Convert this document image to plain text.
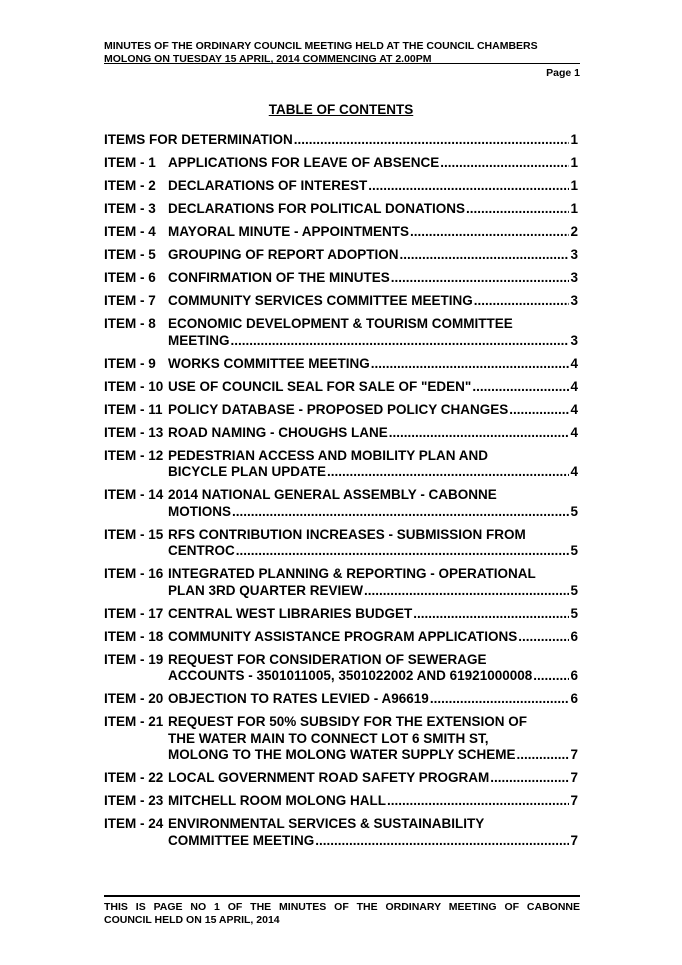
MINUTES OF THE ORDINARY COUNCIL MEETING HELD AT THE COUNCIL CHAMBERS
MOLONG ON TUESDAY 15 APRIL, 2014 COMMENCING AT 2.00PM
Page 1
TABLE OF CONTENTS
ITEMS FOR DETERMINATION .....	1
ITEM - 1 APPLICATIONS FOR LEAVE OF ABSENCE .....	1
ITEM - 2 DECLARATIONS OF INTEREST .....	1
ITEM - 3 DECLARATIONS FOR POLITICAL DONATIONS .....	1
ITEM - 4 MAYORAL MINUTE - APPOINTMENTS .....	2
ITEM - 5 GROUPING OF REPORT ADOPTION .....	3
ITEM - 6 CONFIRMATION OF THE MINUTES .....	3
ITEM - 7 COMMUNITY SERVICES COMMITTEE MEETING .....	3
ITEM - 8 ECONOMIC DEVELOPMENT & TOURISM COMMITTEE
MEETING .....	3
ITEM - 9 WORKS COMMITTEE MEETING .....	4
ITEM - 10 USE OF COUNCIL SEAL FOR SALE OF "EDEN" .....	4
ITEM - 11 POLICY DATABASE - PROPOSED POLICY CHANGES .....	4
ITEM - 13 ROAD NAMING - CHOUGHS LANE .....	4
ITEM - 12 PEDESTRIAN ACCESS AND MOBILITY PLAN AND
BICYCLE PLAN UPDATE .....	4
ITEM - 14 2014 NATIONAL GENERAL ASSEMBLY - CABONNE
MOTIONS .....	5
ITEM - 15 RFS CONTRIBUTION INCREASES - SUBMISSION FROM
CENTROC .....	5
ITEM - 16 INTEGRATED PLANNING & REPORTING - OPERATIONAL
PLAN 3RD QUARTER REVIEW .....	5
ITEM - 17 CENTRAL WEST LIBRARIES BUDGET .....	5
ITEM - 18 COMMUNITY ASSISTANCE PROGRAM APPLICATIONS .....	6
ITEM - 19 REQUEST FOR CONSIDERATION OF SEWERAGE
ACCOUNTS - 3501011005, 3501022002 AND 61921000008 .....	6
ITEM - 20 OBJECTION TO RATES LEVIED - A96619 .....	6
ITEM - 21 REQUEST FOR 50% SUBSIDY FOR THE EXTENSION OF
THE WATER MAIN TO CONNECT LOT 6 SMITH ST,
MOLONG TO THE MOLONG WATER SUPPLY SCHEME .....	7
ITEM - 22 LOCAL GOVERNMENT ROAD SAFETY PROGRAM .....	7
ITEM - 23 MITCHELL ROOM MOLONG HALL .....	7
ITEM - 24 ENVIRONMENTAL SERVICES & SUSTAINABILITY
COMMITTEE MEETING .....	7
THIS IS PAGE NO 1 OF THE MINUTES OF THE ORDINARY MEETING OF CABONNE
COUNCIL HELD ON 15 APRIL, 2014
